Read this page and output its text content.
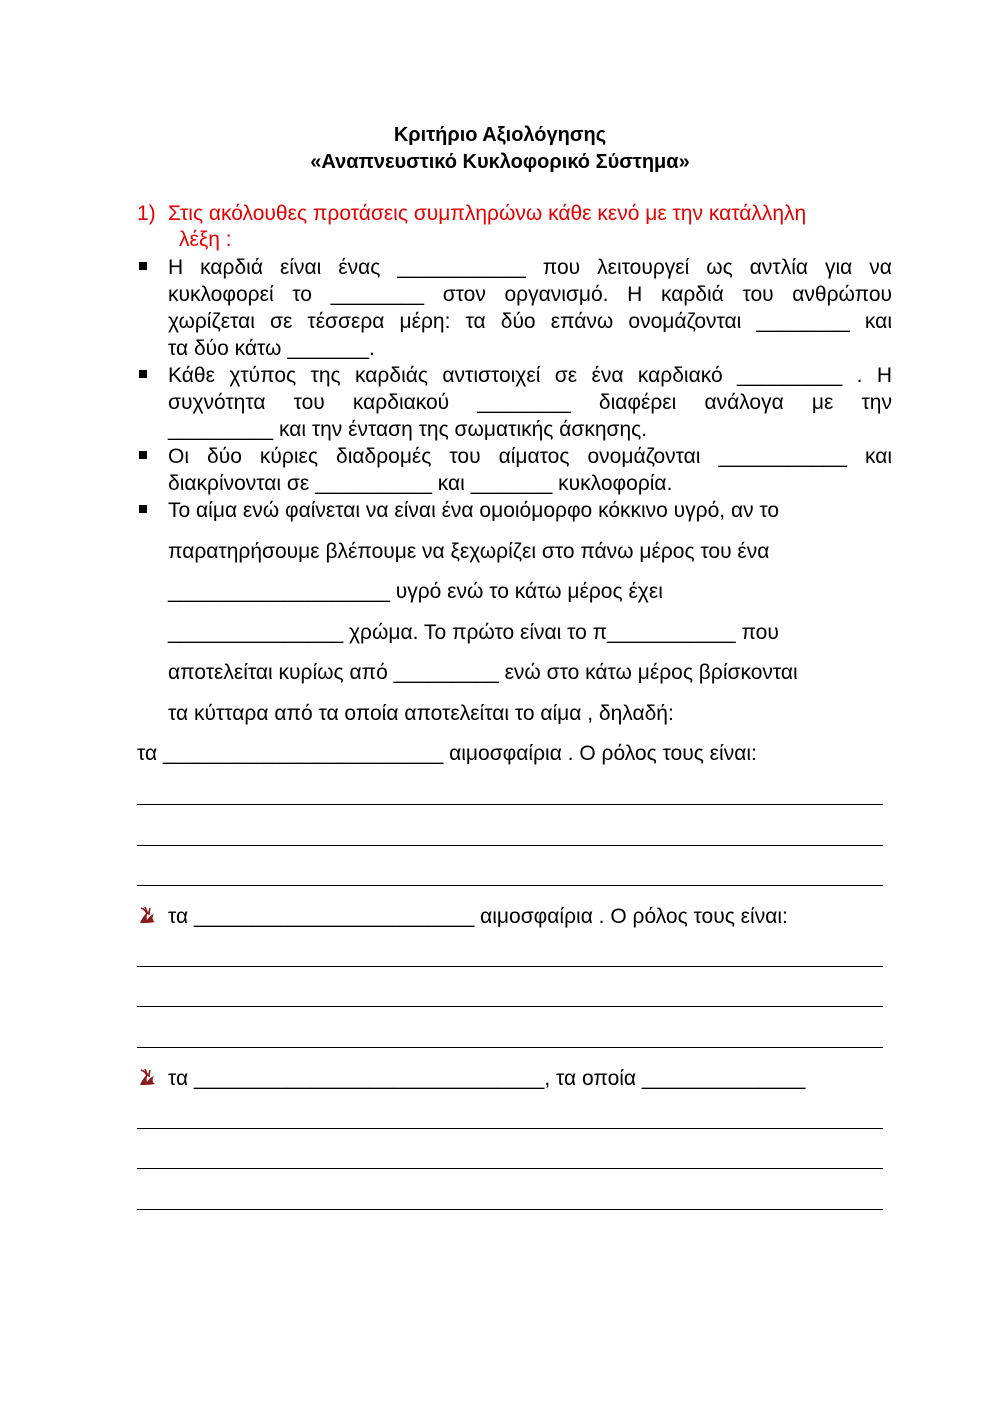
Κριτήριο Αξιολόγησης
«Αναπνευστικό Κυκλοφορικό Σύστημα»
1) Στις ακόλουθες προτάσεις συμπληρώνω κάθε κενό με την κατάλληλη
λέξη :
Η καρδιά είναι ένας ___________ που λειτουργεί ως αντλία για να
κυκλοφορεί το ________ στον οργανισμό. Η καρδιά του ανθρώπου
χωρίζεται σε τέσσερα μέρη: τα δύο επάνω ονομάζονται ________ και
τα δύο κάτω _______.
Κάθε χτύπος της καρδιάς αντιστοιχεί σε ένα καρδιακό _________ . Η
συχνότητα του καρδιακού ________ διαφέρει ανάλογα με την
_________ και την ένταση της σωματικής άσκησης.
Οι δύο κύριες διαδρομές του αίματος ονομάζονται ___________ και
διακρίνονται σε __________ και _______ κυκλοφορία.
Το αίμα ενώ φαίνεται να είναι ένα ομοιόμορφο κόκκινο υγρό, αν το
παρατηρήσουμε βλέπουμε να ξεχωρίζει στο πάνω μέρος του ένα
___________________ υγρό ενώ το κάτω μέρος έχει
_______________ χρώμα. Το πρώτο είναι το π___________ που
αποτελείται κυρίως από _________ ενώ στο κάτω μέρος βρίσκονται
τα κύτταρα από τα οποία αποτελείται το αίμα , δηλαδή:
τα ________________________ αιμοσφαίρια . Ο ρόλος τους είναι:
τα ________________________ αιμοσφαίρια . Ο ρόλος τους είναι:
τα ______________________________, τα οποία ______________
